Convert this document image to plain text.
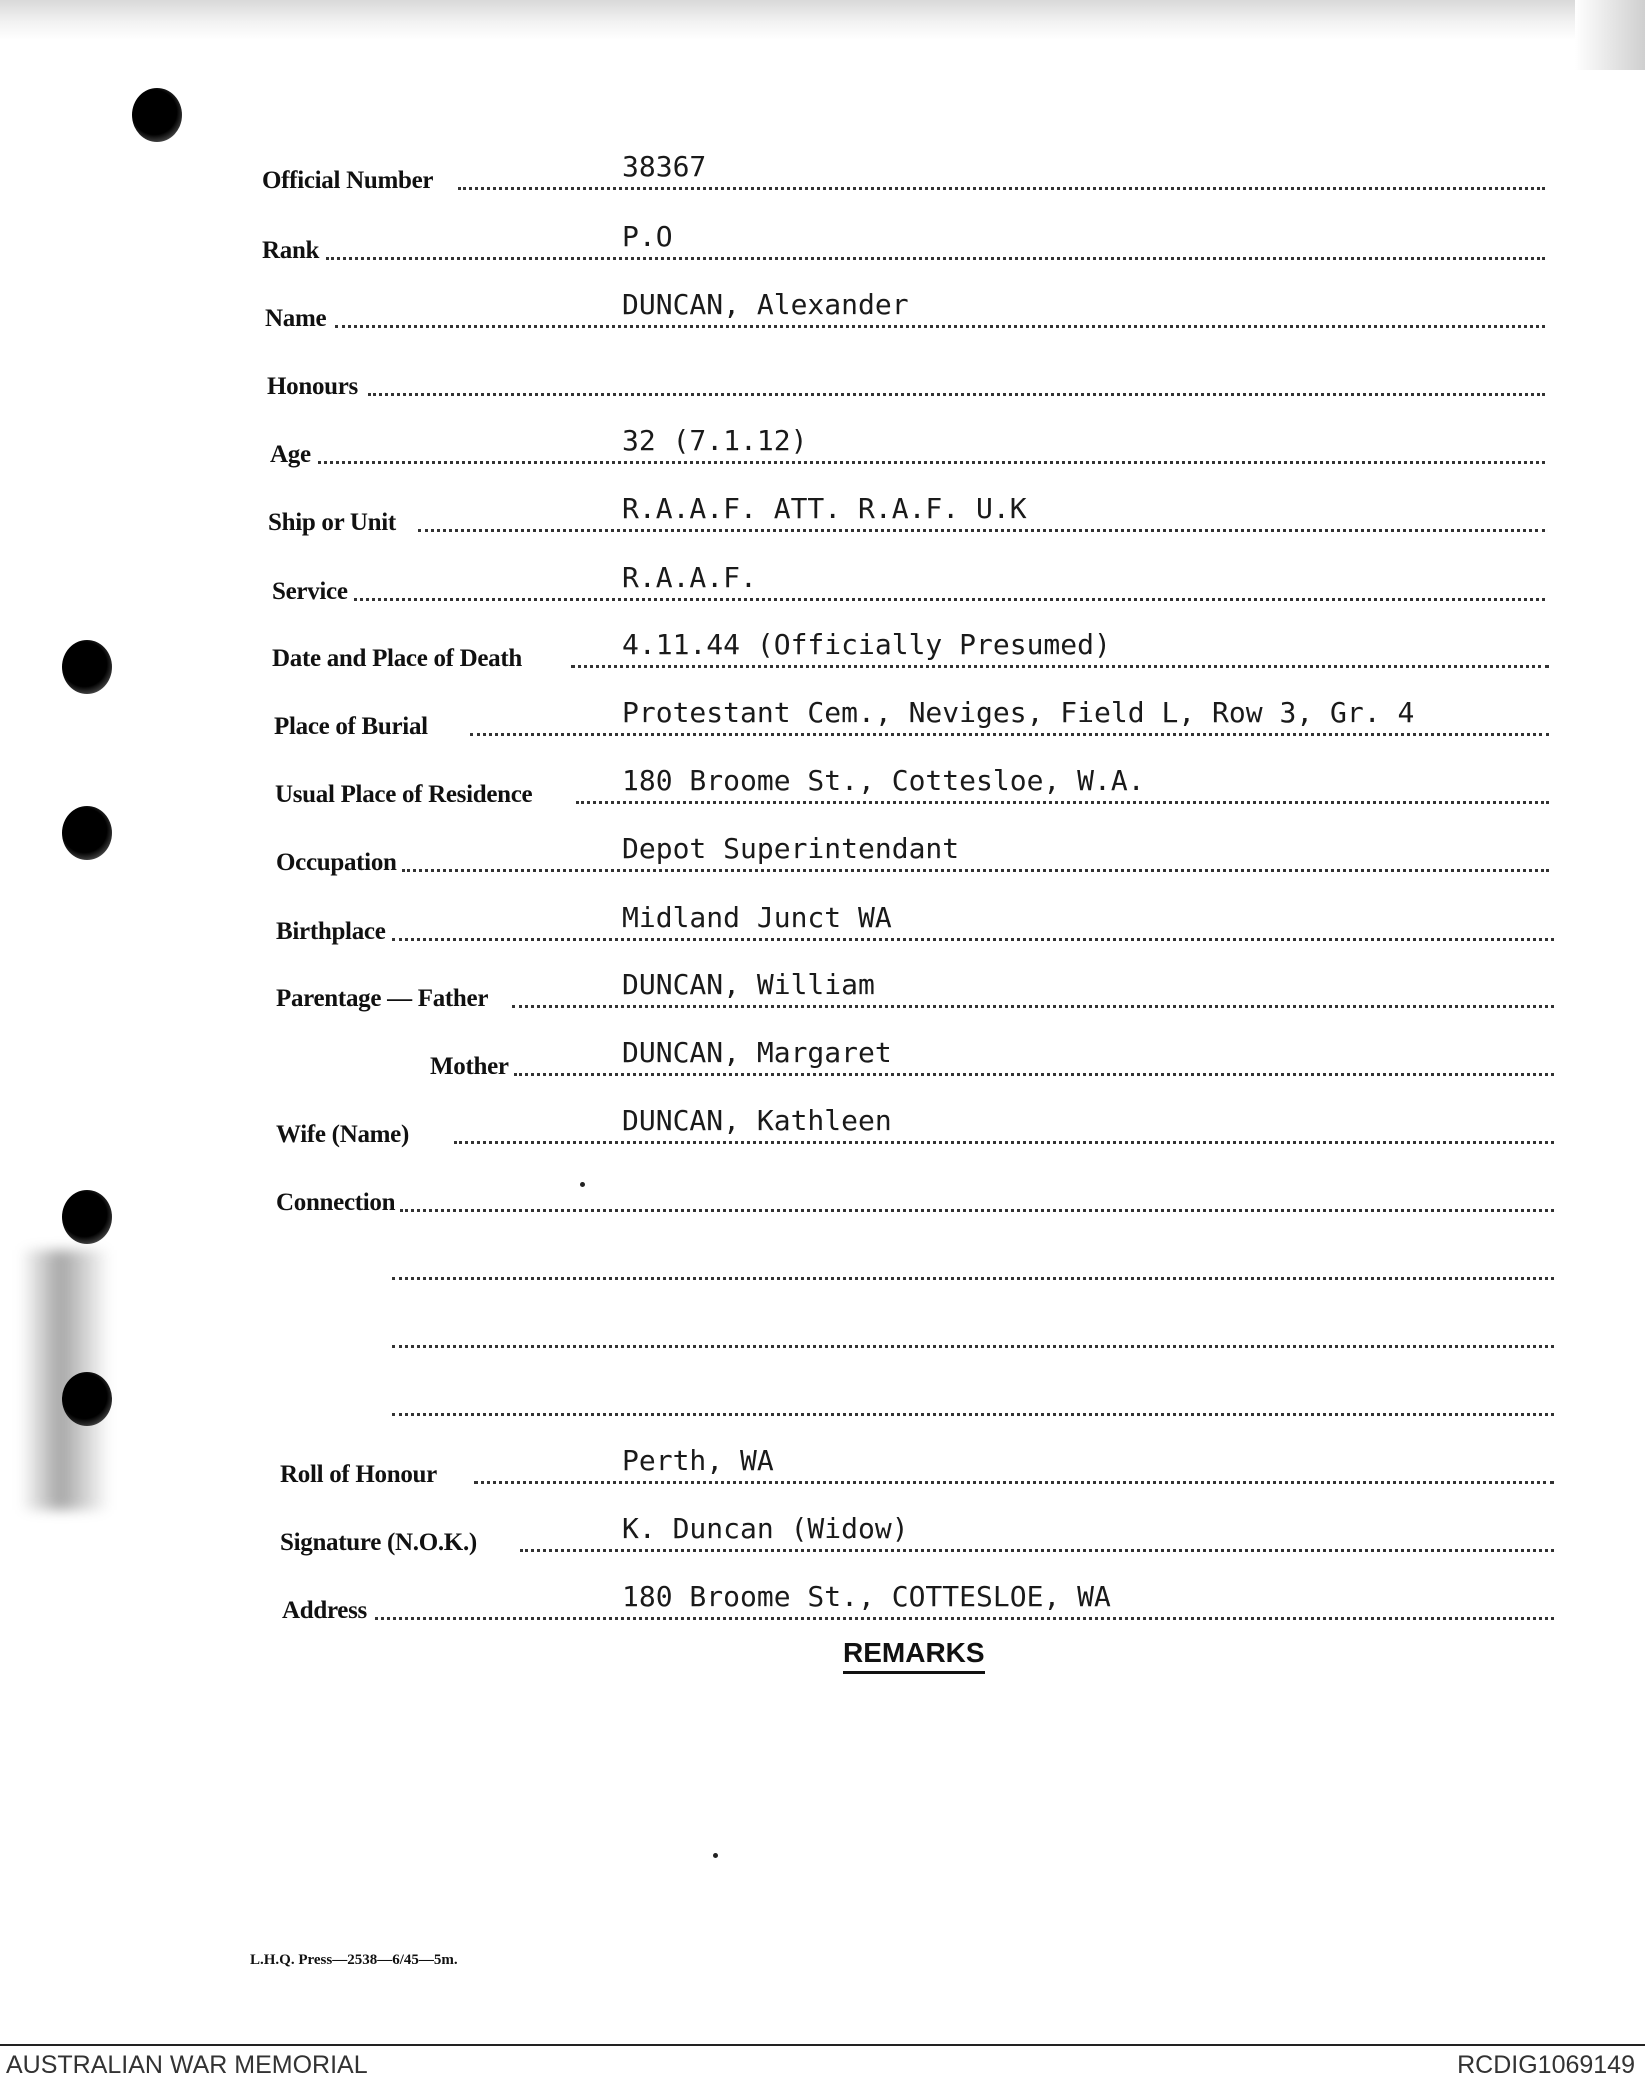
Official Number	38367
Rank	P.O
Name	DUNCAN, Alexander
Honours
Age	32 (7.1.12)
Ship or Unit	R.A.A.F. ATT. R.A.F. U.K
Service	R.A.A.F.
Date and Place of Death	4.11.44 (Officially Presumed)
Place of Burial	Protestant Cem., Neviges, Field L, Row 3, Gr. 4
Usual Place of Residence	180 Broome St., Cottesloe, W.A.
Occupation	Depot Superintendant
Birthplace	Midland Junct WA
Parentage — Father	DUNCAN, William
Mother	DUNCAN, Margaret
Wife (Name)	DUNCAN, Kathleen
Connection
Roll of Honour	Perth, WA
Signature (N.O.K.)	K. Duncan (Widow)
Address	180 Broome St., COTTESLOE, WA
REMARKS
L.H.Q. Press—2538—6/45—5m.
AUSTRALIAN WAR MEMORIAL	RCDIG1069149
